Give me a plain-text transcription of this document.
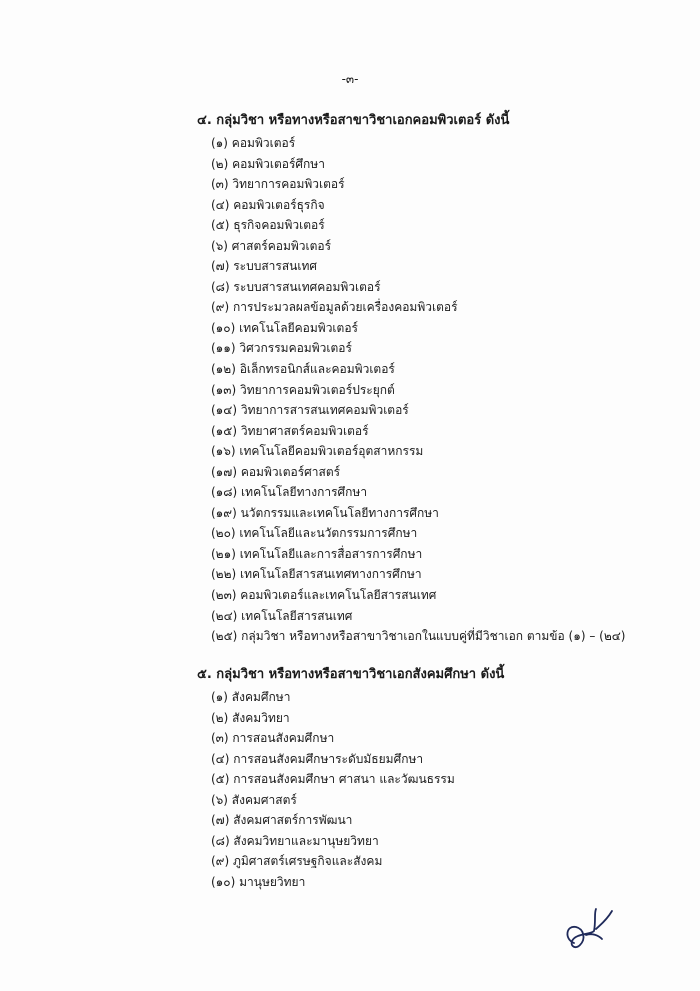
-๓-
๔. กลุ่มวิชา หรือทางหรือสาขาวิชาเอกคอมพิวเตอร์ ดังนี้
(๑) คอมพิวเตอร์
(๒) คอมพิวเตอร์ศึกษา
(๓) วิทยาการคอมพิวเตอร์
(๔) คอมพิวเตอร์ธุรกิจ
(๕) ธุรกิจคอมพิวเตอร์
(๖) ศาสตร์คอมพิวเตอร์
(๗) ระบบสารสนเทศ
(๘) ระบบสารสนเทศคอมพิวเตอร์
(๙) การประมวลผลข้อมูลด้วยเครื่องคอมพิวเตอร์
(๑๐) เทคโนโลยีคอมพิวเตอร์
(๑๑) วิศวกรรมคอมพิวเตอร์
(๑๒) อิเล็กทรอนิกส์และคอมพิวเตอร์
(๑๓) วิทยาการคอมพิวเตอร์ประยุกต์
(๑๔) วิทยาการสารสนเทศคอมพิวเตอร์
(๑๕) วิทยาศาสตร์คอมพิวเตอร์
(๑๖) เทคโนโลยีคอมพิวเตอร์อุตสาหกรรม
(๑๗) คอมพิวเตอร์ศาสตร์
(๑๘) เทคโนโลยีทางการศึกษา
(๑๙) นวัตกรรมและเทคโนโลยีทางการศึกษา
(๒๐) เทคโนโลยีและนวัตกรรมการศึกษา
(๒๑) เทคโนโลยีและการสื่อสารการศึกษา
(๒๒) เทคโนโลยีสารสนเทศทางการศึกษา
(๒๓) คอมพิวเตอร์และเทคโนโลยีสารสนเทศ
(๒๔) เทคโนโลยีสารสนเทศ
(๒๕) กลุ่มวิชา หรือทางหรือสาขาวิชาเอกในแบบคู่ที่มีวิชาเอก ตามข้อ (๑) – (๒๔)
๕. กลุ่มวิชา หรือทางหรือสาขาวิชาเอกสังคมศึกษา ดังนี้
(๑) สังคมศึกษา
(๒) สังคมวิทยา
(๓) การสอนสังคมศึกษา
(๔) การสอนสังคมศึกษาระดับมัธยมศึกษา
(๕) การสอนสังคมศึกษา ศาสนา และวัฒนธรรม
(๖) สังคมศาสตร์
(๗) สังคมศาสตร์การพัฒนา
(๘) สังคมวิทยาและมานุษยวิทยา
(๙) ภูมิศาสตร์เศรษฐกิจและสังคม
(๑๐) มานุษยวิทยา
